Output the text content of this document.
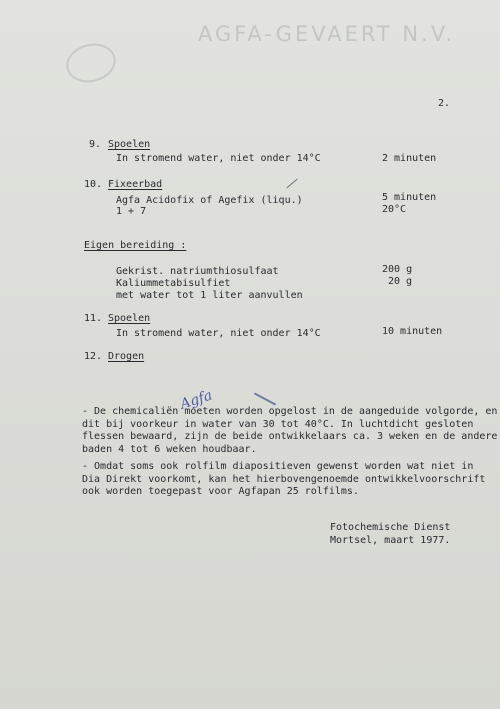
AGFA-GEVAERT N.V.
2.
9. Spoelen
In stromend water, niet onder 14°C	2 minuten
10. Fixeerbad
Agfa Acidofix of Agefix (liqu.)	5 minuten
1 + 7	20°C
Eigen bereiding :
Gekrist. natriumthiosulfaat	200 g
Kaliummetabisulfiet	20 g
met water tot 1 liter aanvullen
11. Spoelen
In stromend water, niet onder 14°C	10 minuten
12. Drogen
- De chemicaliën moeten worden opgelost in de aangeduide volgorde, en
dit bij voorkeur in water van 30 tot 40°C. In luchtdicht gesloten
flessen bewaard, zijn de beide ontwikkelaars ca. 3 weken en de andere
baden 4 tot 6 weken houdbaar.
- Omdat soms ook rolfilm diapositieven gewenst worden wat niet in
Dia Direkt voorkomt, kan het hierbovengenoemde ontwikkelvoorschrift
ook worden toegepast voor Agfapan 25 rolfilms.
Agfa
Fotochemische Dienst
Mortsel, maart 1977.
